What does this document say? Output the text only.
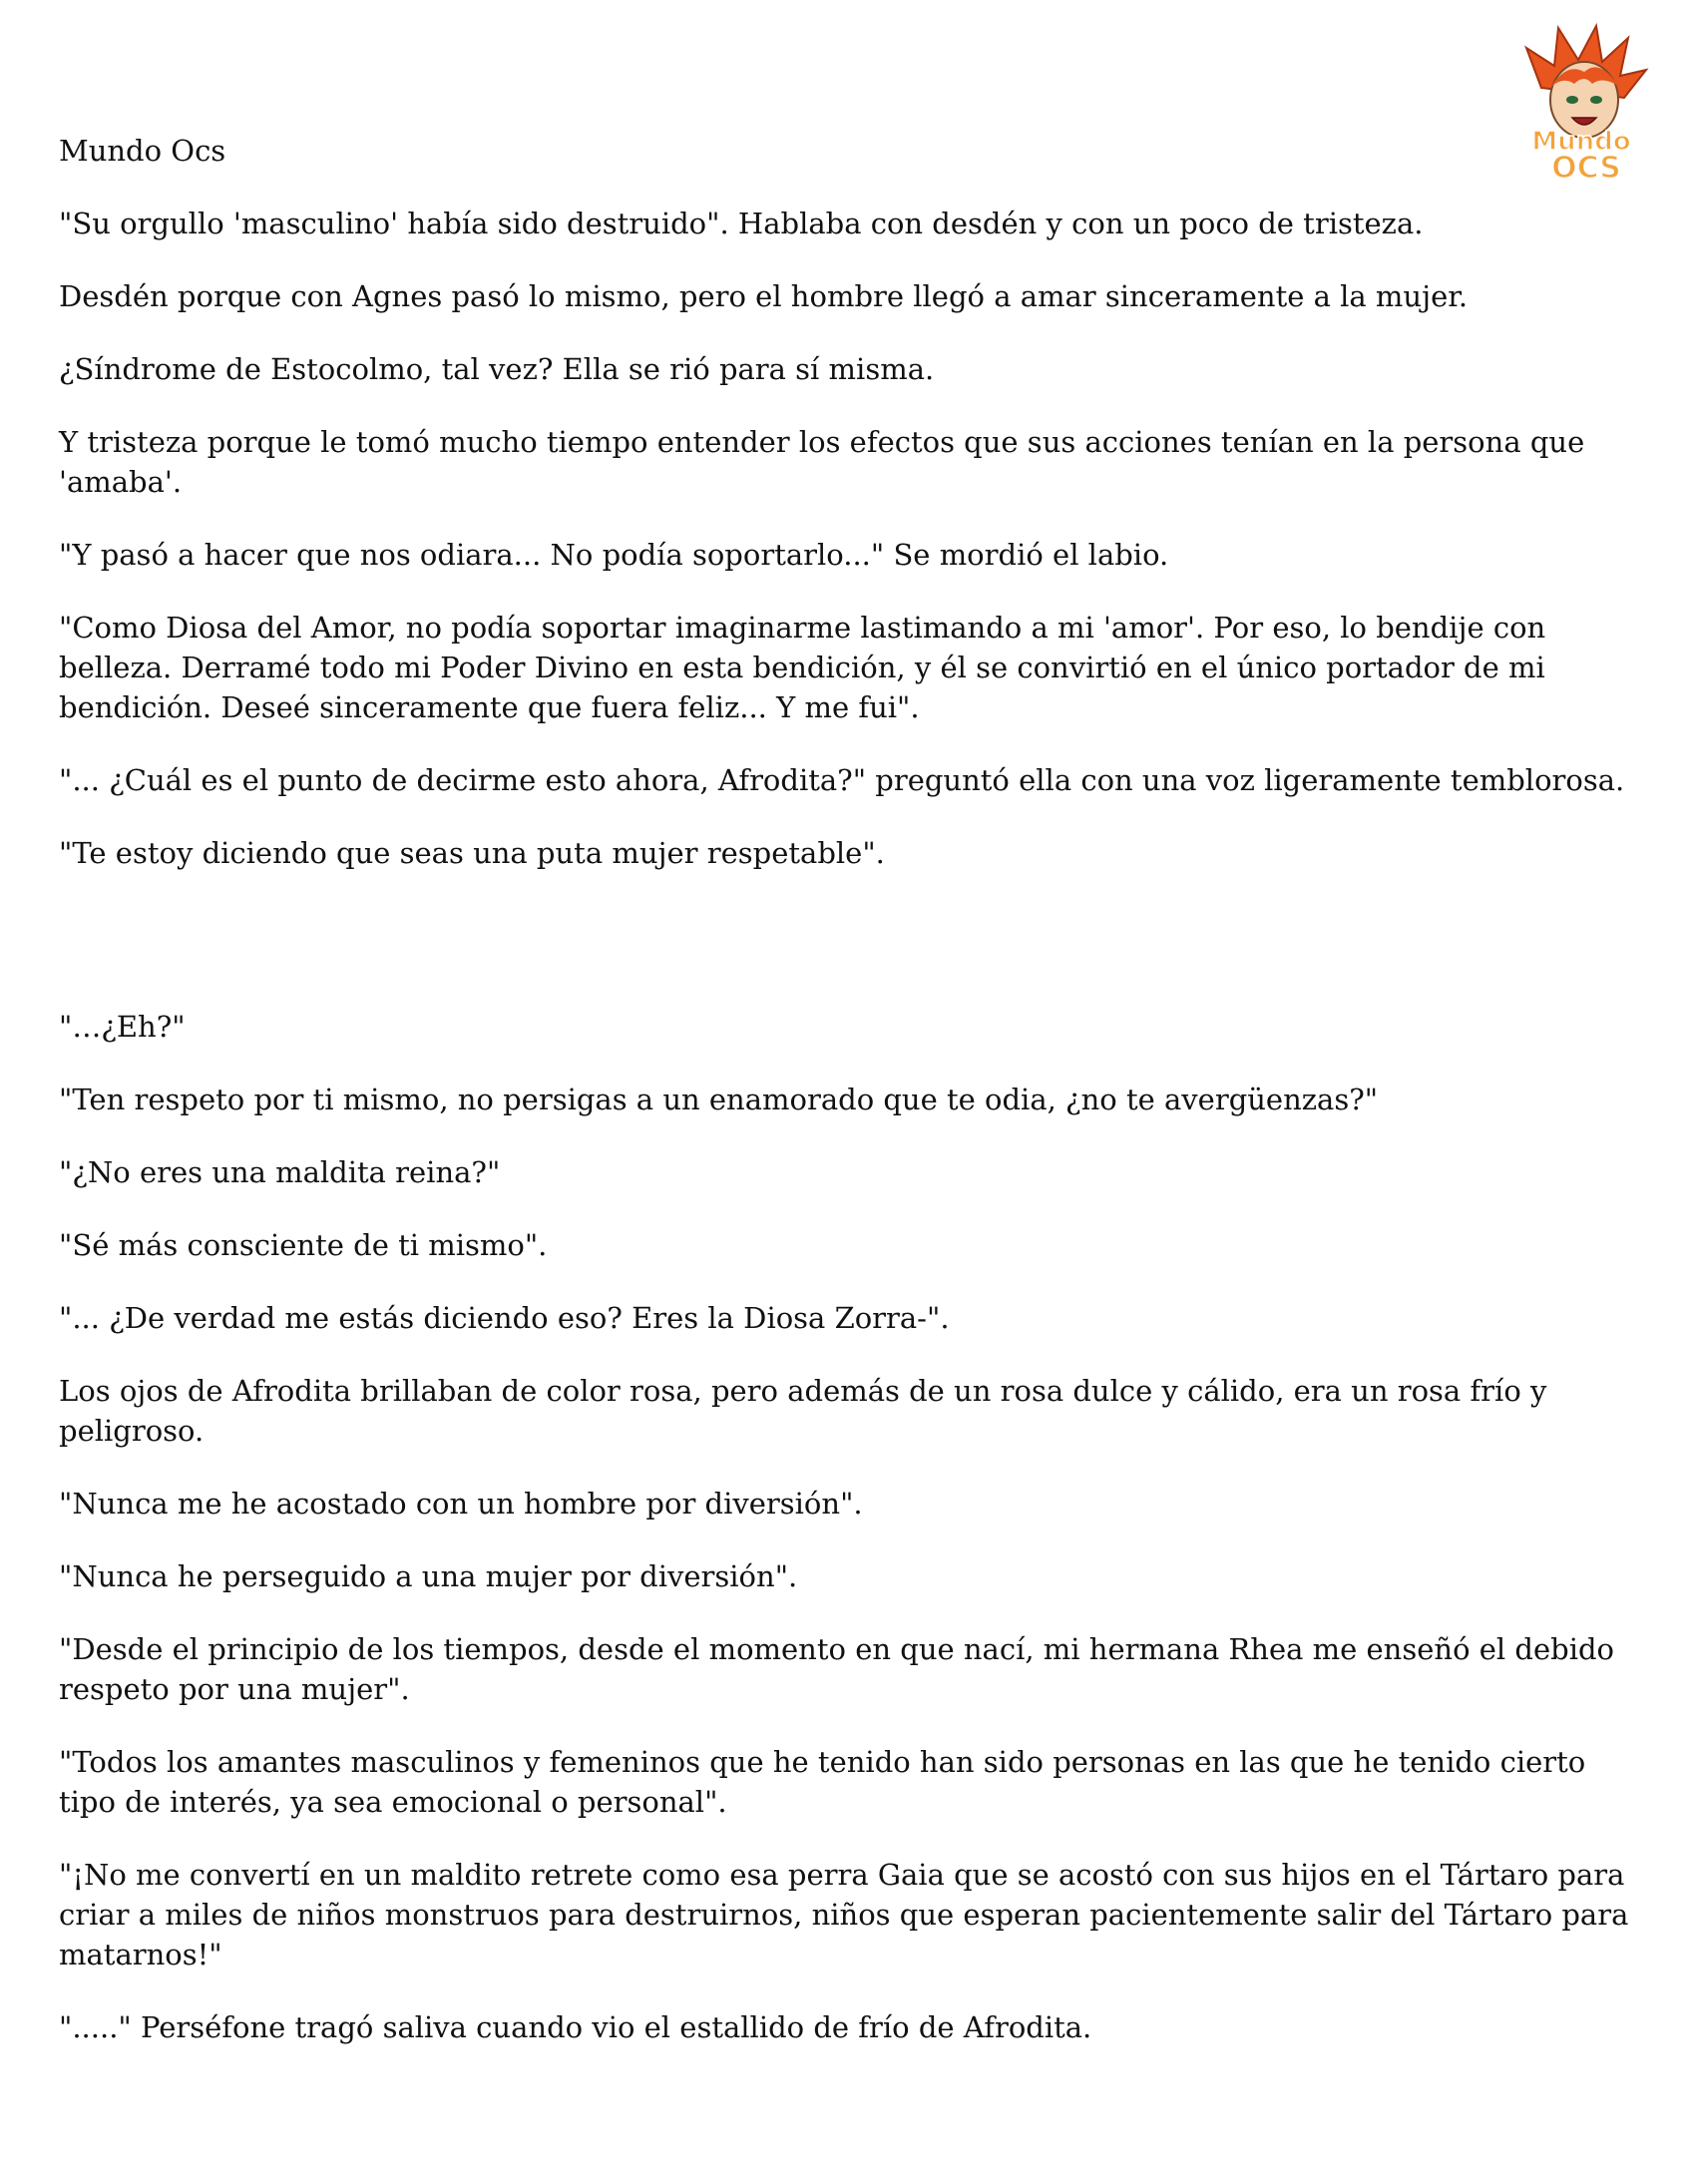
Mundo
OCS

Mundo Ocs

"Su orgullo 'masculino' había sido destruido". Hablaba con desdén y con un poco de tristeza.

Desdén porque con Agnes pasó lo mismo, pero el hombre llegó a amar sinceramente a la mujer.

¿Síndrome de Estocolmo, tal vez? Ella se rió para sí misma.

Y tristeza porque le tomó mucho tiempo entender los efectos que sus acciones tenían en la persona que 'amaba'.

"Y pasó a hacer que nos odiara... No podía soportarlo..." Se mordió el labio.

"Como Diosa del Amor, no podía soportar imaginarme lastimando a mi 'amor'. Por eso, lo bendije con belleza. Derramé todo mi Poder Divino en esta bendición, y él se convirtió en el único portador de mi bendición. Deseé sinceramente que fuera feliz... Y me fui".

"... ¿Cuál es el punto de decirme esto ahora, Afrodita?" preguntó ella con una voz ligeramente temblorosa.

"Te estoy diciendo que seas una puta mujer respetable".

"…¿Eh?"

"Ten respeto por ti mismo, no persigas a un enamorado que te odia, ¿no te avergüenzas?"

"¿No eres una maldita reina?"

"Sé más consciente de ti mismo".

"... ¿De verdad me estás diciendo eso? Eres la Diosa Zorra-".

Los ojos de Afrodita brillaban de color rosa, pero además de un rosa dulce y cálido, era un rosa frío y peligroso.

"Nunca me he acostado con un hombre por diversión".

"Nunca he perseguido a una mujer por diversión".

"Desde el principio de los tiempos, desde el momento en que nací, mi hermana Rhea me enseñó el debido respeto por una mujer".

"Todos los amantes masculinos y femeninos que he tenido han sido personas en las que he tenido cierto tipo de interés, ya sea emocional o personal".

"¡No me convertí en un maldito retrete como esa perra Gaia que se acostó con sus hijos en el Tártaro para criar a miles de niños monstruos para destruirnos, niños que esperan pacientemente salir del Tártaro para matarnos!"

"....." Perséfone tragó saliva cuando vio el estallido de frío de Afrodita.
